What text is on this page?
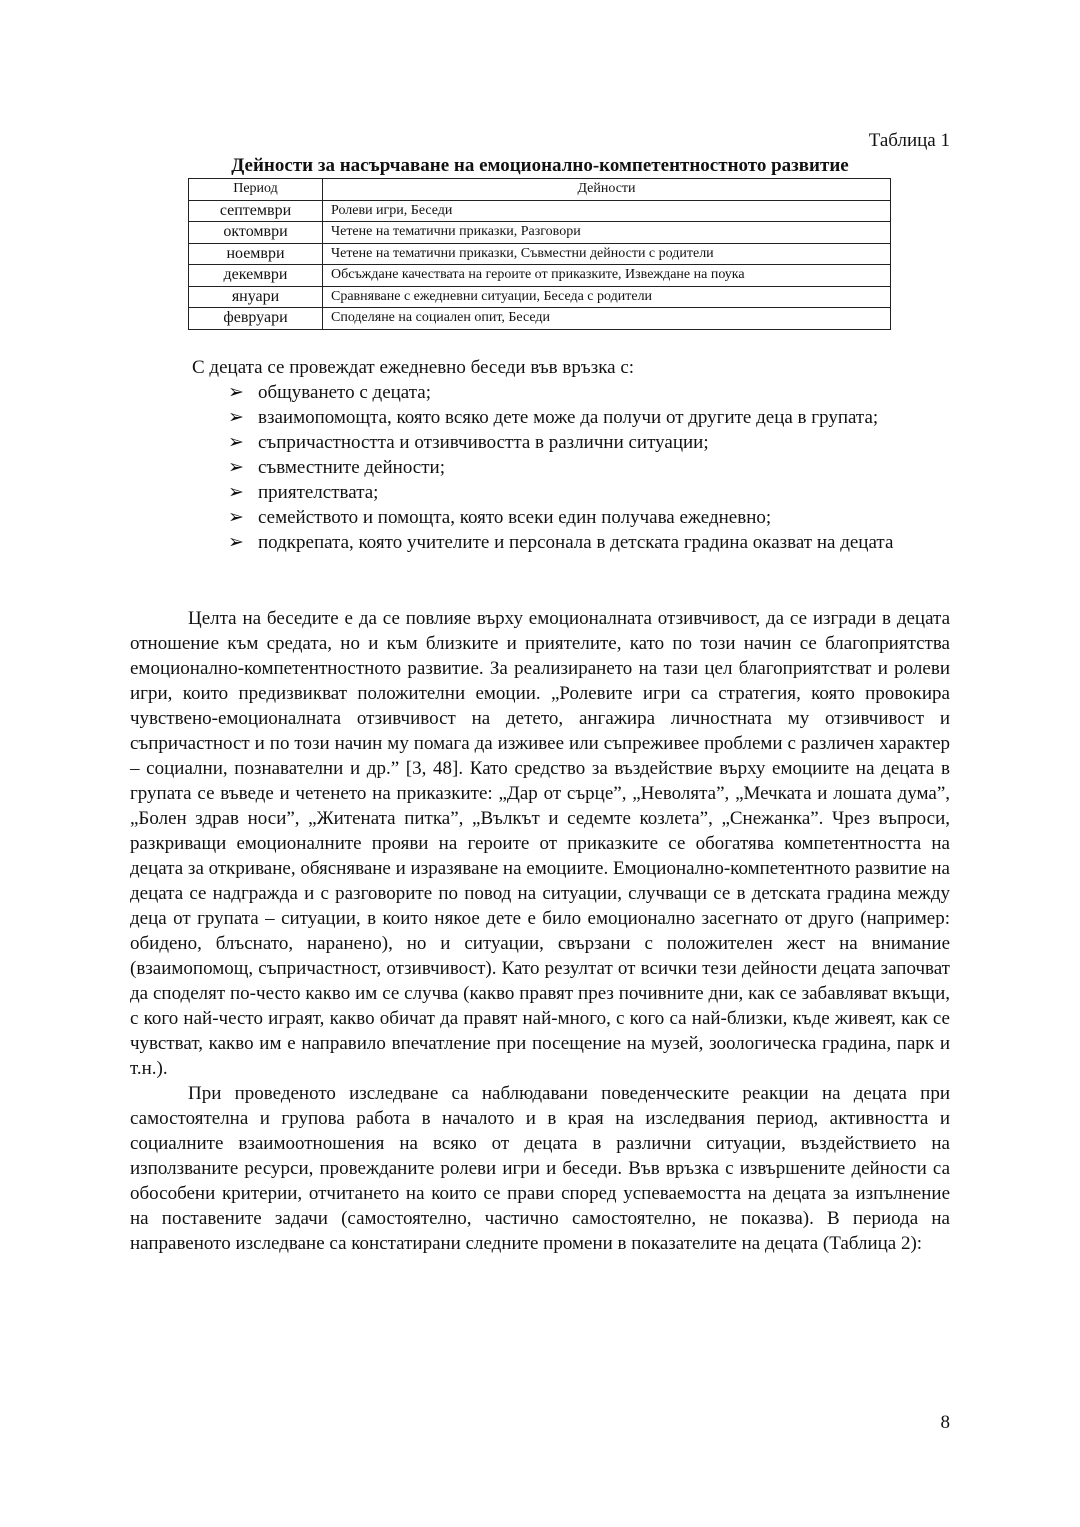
Таблица 1
Дейности за насърчаване на емоционално-компетентностното развитие
Период	Дейности
септември	Ролеви игри, Беседи
октомври	Четене на тематични приказки, Разговори
ноември	Четене на тематични приказки, Съвместни дейности с родители
декември	Обсъждане качествата на героите от приказките, Извеждане на поука
януари	Сравняване с ежедневни ситуации, Беседа с родители
февруари	Споделяне на социален опит, Беседи
С децата се провеждат ежедневно беседи във връзка с:
➢ общуването с децата;
➢ взаимопомощта, която всяко дете може да получи от другите деца в групата;
➢ съпричастността и отзивчивостта в различни ситуации;
➢ съвместните дейности;
➢ приятелствата;
➢ семейството и помощта, която всеки един получава ежедневно;
➢ подкрепата, която учителите и персонала в детската градина оказват на децата

Целта на беседите е да се повлияе върху емоционалната отзивчивост, да се изгради в децата отношение към средата, но и към близките и приятелите, като по този начин се благоприятства емоционално-компетентностното развитие. За реализирането на тази цел благоприятстват и ролеви игри, които предизвикват положителни емоции. „Ролевите игри са стратегия, която провокира чувствено-емоционалната отзивчивост на детето, ангажира личностната му отзивчивост и съпричастност и по този начин му помага да изживее или съпреживее проблеми с различен характер – социални, познавателни и др.” [3, 48]. Като средство за въздействие върху емоциите на децата в групата се въведе и четенето на приказките: „Дар от сърце”, „Неволята”, „Мечката и лошата дума”, „Болен здрав носи”, „Житената питка”, „Вълкът и седемте козлета”, „Снежанка”. Чрез въпроси, разкриващи емоционалните прояви на героите от приказките се обогатява компетентността на децата за откриване, обясняване и изразяване на емоциите. Емоционално-компетентното развитие на децата се надгражда и с разговорите по повод на ситуации, случващи се в детската градина между деца от групата – ситуации, в които някое дете е било емоционално засегнато от друго (например: обидено, блъснато, наранено), но и ситуации, свързани с положителен жест на внимание (взаимопомощ, съпричастност, отзивчивост). Като резултат от всички тези дейности децата започват да споделят по-често какво им се случва (какво правят през почивните дни, как се забавляват вкъщи, с кого най-често играят, какво обичат да правят най-много, с кого са най-близки, къде живеят, как се чувстват, какво им е направило впечатление при посещение на музей, зоологическа градина, парк и т.н.).

При проведеното изследване са наблюдавани поведенческите реакции на децата при самостоятелна и групова работа в началото и в края на изследвания период, активността и социалните взаимоотношения на всяко от децата в различни ситуации, въздействието на използваните ресурси, провежданите ролеви игри и беседи. Във връзка с извършените дейности са обособени критерии, отчитането на които се прави според успеваемостта на децата за изпълнение на поставените задачи (самостоятелно, частично самостоятелно, не показва). В периода на направеното изследване са констатирани следните промени в показателите на децата (Таблица 2):

8
